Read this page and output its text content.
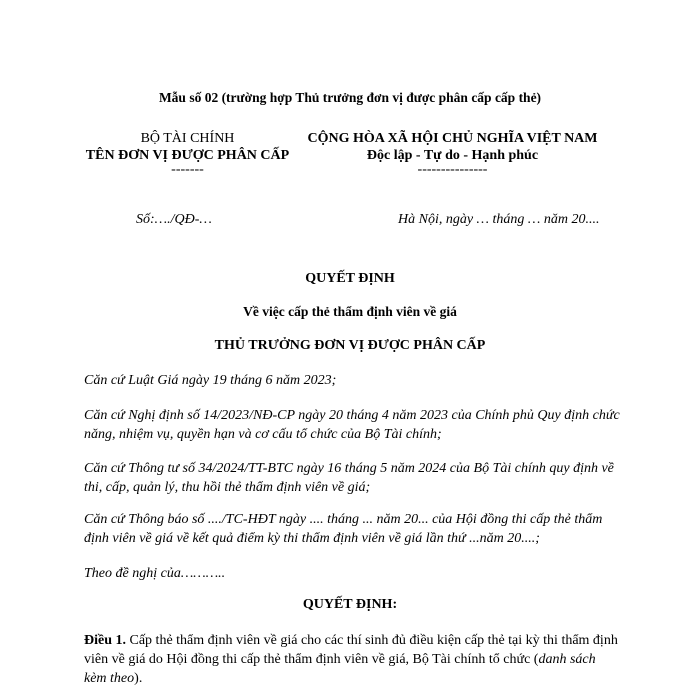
Mẫu số 02 (trường hợp Thủ trưởng đơn vị được phân cấp cấp thẻ)
BỘ TÀI CHÍNH
TÊN ĐƠN VỊ ĐƯỢC PHÂN CẤP
-------
CỘNG HÒA XÃ HỘI CHỦ NGHĨA VIỆT NAM
Độc lập - Tự do - Hạnh phúc
---------------
Số:…./QĐ-…	Hà Nội, ngày … tháng … năm 20....
QUYẾT ĐỊNH
Về việc cấp thẻ thẩm định viên về giá
THỦ TRƯỞNG ĐƠN VỊ ĐƯỢC PHÂN CẤP
Căn cứ Luật Giá ngày 19 tháng 6 năm 2023;
Căn cứ Nghị định số 14/2023/NĐ-CP ngày 20 tháng 4 năm 2023 của Chính phủ Quy định chức năng, nhiệm vụ, quyền hạn và cơ cấu tổ chức của Bộ Tài chính;
Căn cứ Thông tư số 34/2024/TT-BTC ngày 16 tháng 5 năm 2024 của Bộ Tài chính quy định về thi, cấp, quản lý, thu hồi thẻ thẩm định viên về giá;
Căn cứ Thông báo số ..../TC-HĐT ngày .... tháng ... năm 20... của Hội đồng thi cấp thẻ thẩm định viên về giá về kết quả điểm kỳ thi thẩm định viên về giá lần thứ ...năm 20....;
Theo đề nghị của………..
QUYẾT ĐỊNH:
Điều 1. Cấp thẻ thẩm định viên về giá cho các thí sinh đủ điều kiện cấp thẻ tại kỳ thi thẩm định viên về giá do Hội đồng thi cấp thẻ thẩm định viên về giá, Bộ Tài chính tổ chức (danh sách kèm theo).
